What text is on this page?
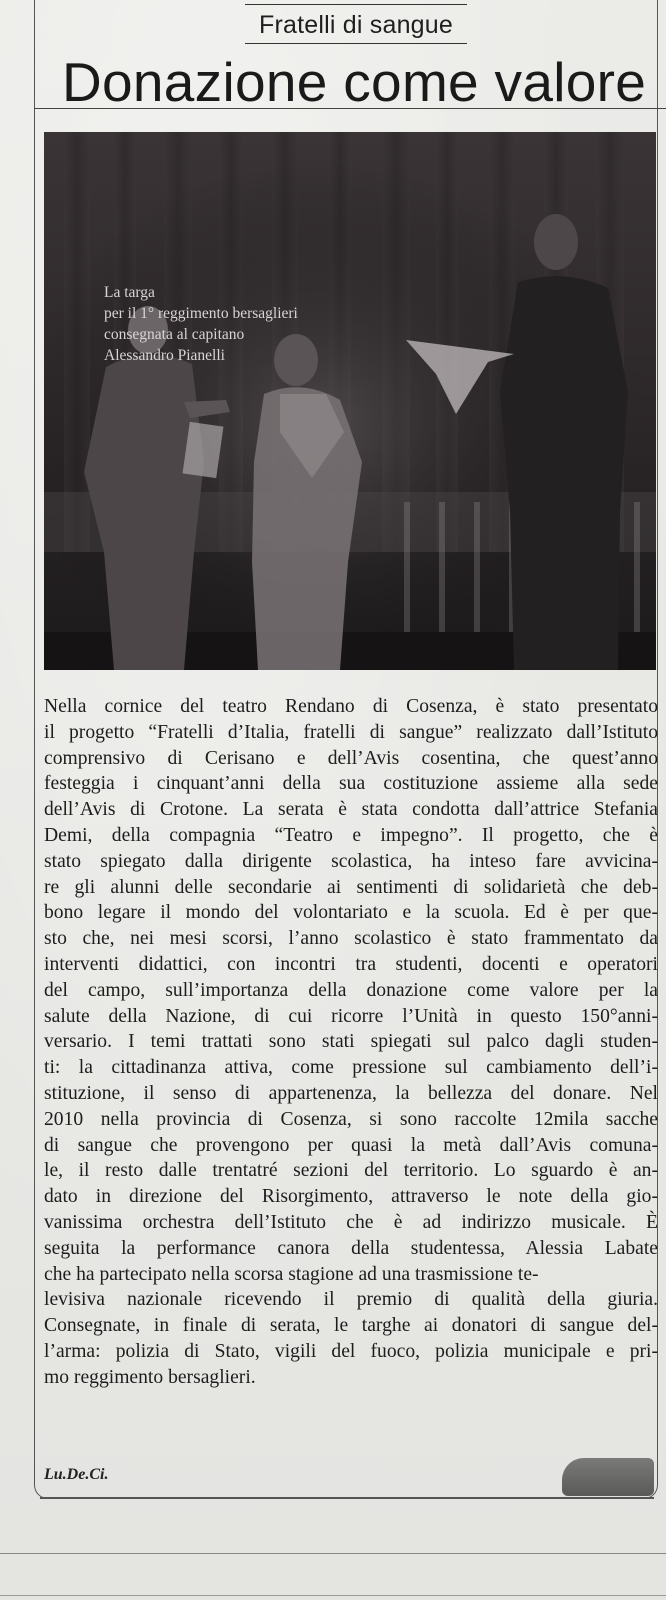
Fratelli di sangue
Donazione come valore
La targa
per il 1° reggimento bersaglieri
consegnata al capitano
Alessandro Pianelli
Nella cornice del teatro Rendano di Cosenza, è stato presentato
il progetto “Fratelli d’Italia, fratelli di sangue” realizzato dall’Istituto
comprensivo di Cerisano e dell’Avis cosentina, che quest’anno
festeggia i cinquant’anni della sua costituzione assieme alla sede
dell’Avis di Crotone. La serata è stata condotta dall’attrice Stefania
Demi, della compagnia “Teatro e impegno”. Il progetto, che è
stato spiegato dalla dirigente scolastica, ha inteso fare avvicina-
re gli alunni delle secondarie ai sentimenti di solidarietà che deb-
bono legare il mondo del volontariato e la scuola. Ed è per que-
sto che, nei mesi scorsi, l’anno scolastico è stato frammentato da
interventi didattici, con incontri tra studenti, docenti e operatori
del campo, sull’importanza della donazione come valore per la
salute della Nazione, di cui ricorre l’Unità in questo 150°anni-
versario. I temi trattati sono stati spiegati sul palco dagli studen-
ti: la cittadinanza attiva, come pressione sul cambiamento dell’i-
stituzione, il senso di appartenenza, la bellezza del donare. Nel
2010 nella provincia di Cosenza, si sono raccolte 12mila sacche
di sangue che provengono per quasi la metà dall’Avis comuna-
le, il resto dalle trentatré sezioni del territorio. Lo sguardo è an-
dato in direzione del Risorgimento, attraverso le note della gio-
vanissima orchestra dell’Istituto che è ad indirizzo musicale. È
seguita la performance canora della studentessa, Alessia Labate
che ha partecipato nella scorsa stagione ad una trasmissione te-
levisiva nazionale ricevendo il premio di qualità della giuria.
Consegnate, in finale di serata, le targhe ai donatori di sangue del-
l’arma: polizia di Stato, vigili del fuoco, polizia municipale e pri-
mo reggimento bersaglieri.
Lu.De.Ci.
